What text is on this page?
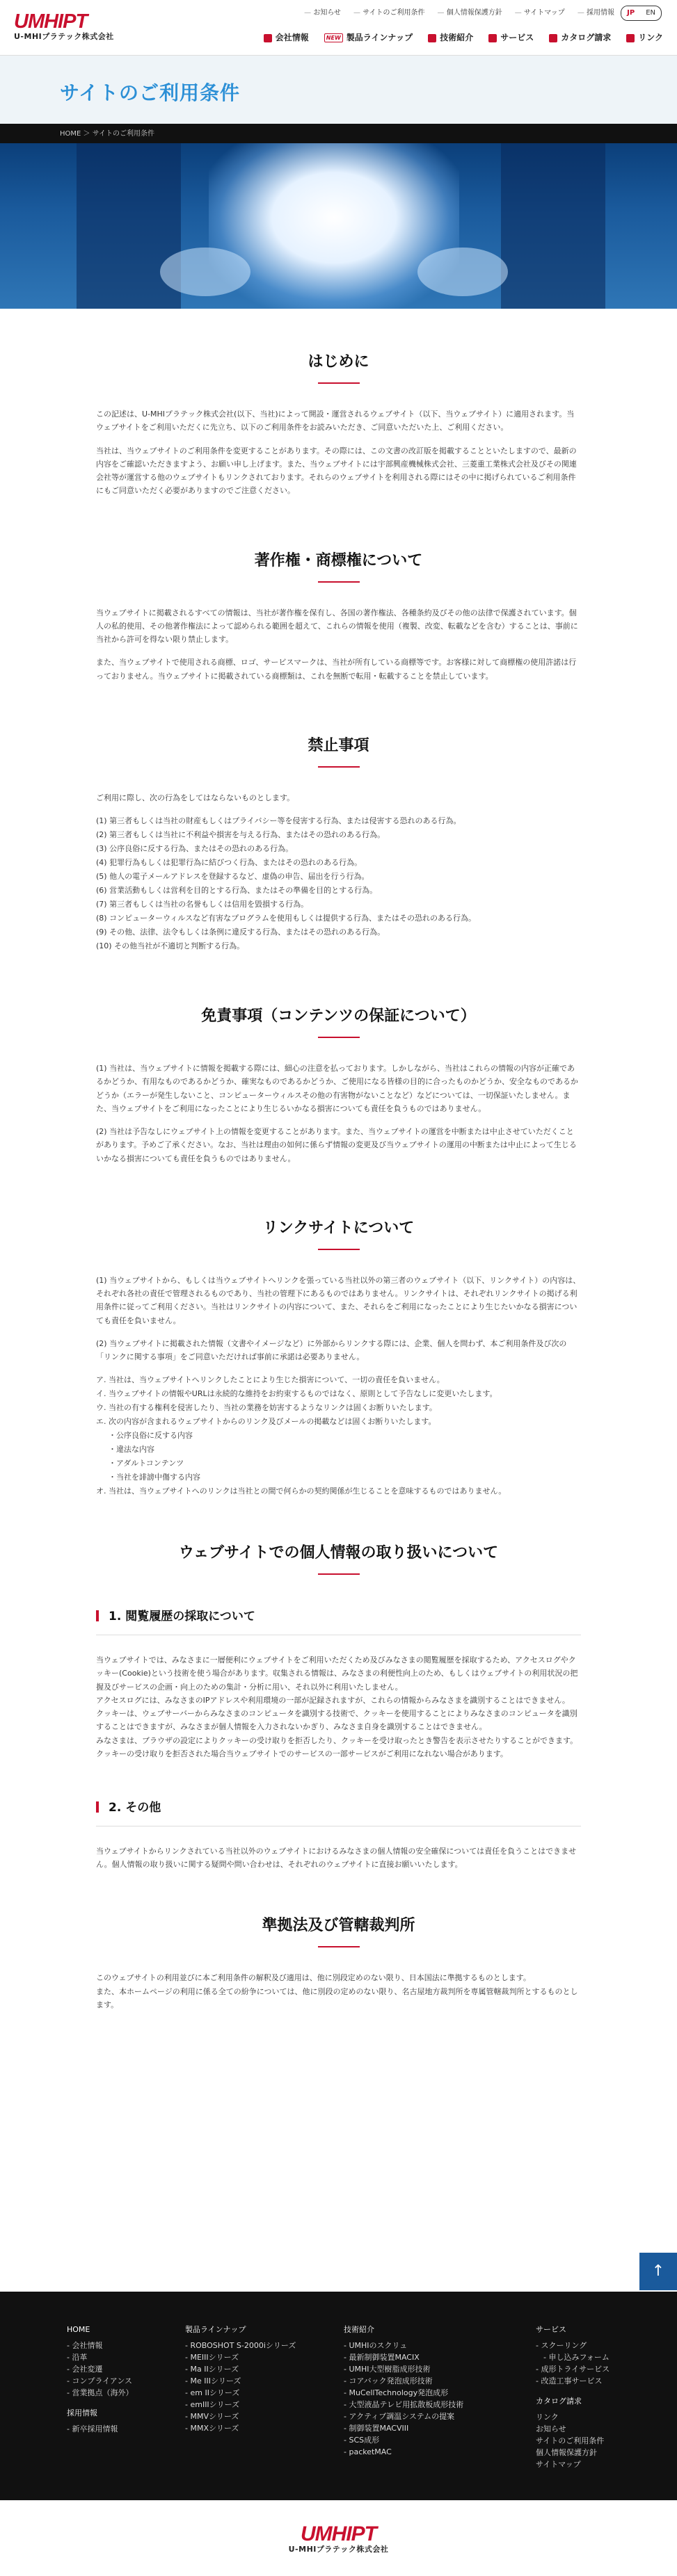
UMHIPT
U-MHIプラテック株式会社
— お知らせ	— サイトのご利用条件	— 個人情報保護方針	— サイトマップ	— 採用情報	JP	EN
会社情報	NEW 製品ラインナップ	技術紹介	サービス	カタログ請求	リンク
サイトのご利用条件
HOME ＞ サイトのご利用条件
はじめに

この記述は、U-MHIプラテック株式会社(以下、当社)によって開設・運営されるウェブサイト（以下、当ウェブサイト）に適用されます。当ウェブサイトをご利用いただくに先立ち、以下のご利用条件をお読みいただき、ご同意いただいた上、ご利用ください。

当社は、当ウェブサイトのご利用条件を変更することがあります。その際には、この文書の改訂版を掲載することといたしますので、最新の内容をご確認いただきますよう、お願い申し上げます。また、当ウェブサイトには宇部興産機械株式会社、三菱重工業株式会社及びその関連会社等が運営する他のウェブサイトもリンクされております。それらのウェブサイトを利用される際にはその中に掲げられているご利用条件にもご同意いただく必要がありますのでご注意ください。

著作権・商標権について

当ウェブサイトに掲載されるすべての情報は、当社が著作権を保有し、各国の著作権法、各種条約及びその他の法律で保護されています。個人の私的使用、その他著作権法によって認められる範囲を超えて、これらの情報を使用（複製、改変、転載などを含む）することは、事前に当社から許可を得ない限り禁止します。

また、当ウェブサイトで使用される商標、ロゴ、サービスマークは、当社が所有している商標等です。お客様に対して商標権の使用許諾は行っておりません。当ウェブサイトに掲載されている商標類は、これを無断で転用・転載することを禁止しています。

禁止事項

ご利用に際し、次の行為をしてはならないものとします。

(1) 第三者もしくは当社の財産もしくはプライバシー等を侵害する行為、または侵害する恐れのある行為。
(2) 第三者もしくは当社に不利益や損害を与える行為、またはその恐れのある行為。
(3) 公序良俗に反する行為、またはその恐れのある行為。
(4) 犯罪行為もしくは犯罪行為に結びつく行為、またはその恐れのある行為。
(5) 他人の電子メールアドレスを登録するなど、虚偽の申告、届出を行う行為。
(6) 営業活動もしくは営利を目的とする行為、またはその準備を目的とする行為。
(7) 第三者もしくは当社の名誉もしくは信用を毀損する行為。
(8) コンピューターウィルスなど有害なプログラムを使用もしくは提供する行為、またはその恐れのある行為。
(9) その他、法律、法令もしくは条例に違反する行為、またはその恐れのある行為。
(10) その他当社が不適切と判断する行為。
免責事項（コンテンツの保証について）

(1) 当社は、当ウェブサイトに情報を掲載する際には、細心の注意を払っております。しかしながら、当社はこれらの情報の内容が正確であるかどうか、有用なものであるかどうか、確実なものであるかどうか、ご使用になる皆様の目的に合ったものかどうか、安全なものであるかどうか（エラーが発生しないこと、コンピューターウィルスその他の有害物がないことなど）などについては、一切保証いたしません。また、当ウェブサイトをご利用になったことにより生じるいかなる損害についても責任を負うものではありません。

(2) 当社は予告なしにウェブサイト上の情報を変更することがあります。また、当ウェブサイトの運営を中断または中止させていただくことがあります。予めご了承ください。なお、当社は理由の如何に係らず情報の変更及び当ウェブサイトの運用の中断または中止によって生じるいかなる損害についても責任を負うものではありません。

リンクサイトについて

(1) 当ウェブサイトから、もしくは当ウェブサイトへリンクを張っている当社以外の第三者のウェブサイト（以下、リンクサイト）の内容は、それぞれ各社の責任で管理されるものであり、当社の管理下にあるものではありません。リンクサイトは、それぞれリンクサイトの掲げる利用条件に従ってご利用ください。当社はリンクサイトの内容について、また、それらをご利用になったことにより生じたいかなる損害についても責任を負いません。

(2) 当ウェブサイトに掲載された情報（文書やイメージなど）に外部からリンクする際には、企業、個人を問わず、本ご利用条件及び次の「リンクに関する事項」をご同意いただければ事前に承諾は必要ありません。

ア. 当社は、当ウェブサイトへリンクしたことにより生じた損害について、一切の責任を負いません。
イ. 当ウェブサイトの情報やURLは永続的な維持をお約束するものではなく、原則として予告なしに変更いたします。
ウ. 当社の有する権利を侵害したり、当社の業務を妨害するようなリンクは固くお断りいたします。
エ. 次の内容が含まれるウェブサイトからのリンク及びメールの掲載などは固くお断りいたします。
・公序良俗に反する内容
・違法な内容
・アダルトコンテンツ
・当社を誹謗中傷する内容
オ. 当社は、当ウェブサイトへのリンクは当社との間で何らかの契約関係が生じることを意味するものではありません。
ウェブサイトでの個人情報の取り扱いについて
1. 閲覧履歴の採取について

当ウェブサイトでは、みなさまに一層便利にウェブサイトをご利用いただくため及びみなさまの閲覧履歴を採取するため、アクセスログやクッキー(Cookie)という技術を使う場合があります。収集される情報は、みなさまの利便性向上のため、もしくはウェブサイトの利用状況の把握及びサービスの企画・向上のための集計・分析に用い、それ以外に利用いたしません。

アクセスログには、みなさまのIPアドレスや利用環境の一部が記録されますが、これらの情報からみなさまを識別することはできません。

クッキーは、ウェブサーバーからみなさまのコンピュータを識別する技術で、クッキーを使用することによりみなさまのコンピュータを識別することはできますが、みなさまが個人情報を入力されないかぎり、みなさま自身を識別することはできません。

みなさまは、ブラウザの設定によりクッキーの受け取りを拒否したり、クッキーを受け取ったとき警告を表示させたりすることができます。クッキーの受け取りを拒否された場合当ウェブサイトでのサービスの一部サービスがご利用になれない場合があります。

2. その他

当ウェブサイトからリンクされている当社以外のウェブサイトにおけるみなさまの個人情報の安全確保については責任を負うことはできません。個人情報の取り扱いに関する疑問や問い合わせは、それぞれのウェブサイトに直接お願いいたします。

準拠法及び管轄裁判所

このウェブサイトの利用並びに本ご利用条件の解釈及び適用は、他に別段定めのない限り、日本国法に準拠するものとします。

また、本ホームページの利用に係る全ての紛争については、他に別段の定めのない限り、名古屋地方裁判所を専属管轄裁判所とするものとします。

↑
HOME
- 会社情報
- 沿革
- 会社変遷
- コンプライアンス
- 営業拠点（海外）
採用情報
- 新卒採用情報
製品ラインナップ
- ROBOSHOT S-2000iシリーズ
- MEIIIシリーズ
- Ma IIシリーズ
- Me IIIシリーズ
- em IIシリーズ
- emIIIシリーズ
- MMVシリーズ
- MMXシリーズ
技術紹介
- UMHIのスクリュ
- 最新制御装置MACIX
- UMHI大型樹脂成形技術
- コアバック発泡成形技術
- MuCellTechnology発泡成形
- 大型液晶テレビ用拡散板成形技術
- アクティブ調温システムの提案
- 制御装置MACVIII
- SCS成形
- packetMAC
サービス
- スクーリング
　- 申し込みフォーム
- 成形トライサービス
- 改造工事サービス
カタログ請求
リンク
お知らせ
サイトのご利用条件
個人情報保護方針
サイトマップ
UMHIPT
U-MHIプラテック株式会社
